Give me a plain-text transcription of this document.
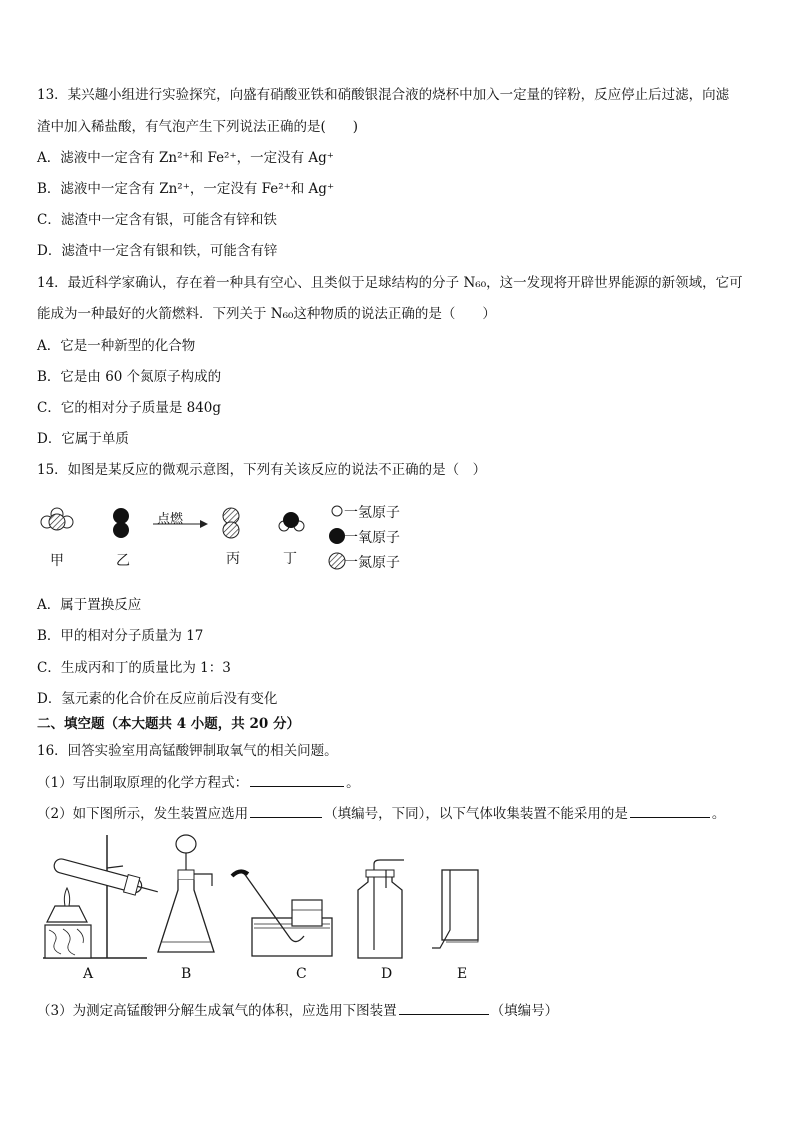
13．某兴趣小组进行实验探究，向盛有硝酸亚铁和硝酸银混合液的烧杯中加入一定量的锌粉，反应停止后过滤，向滤
渣中加入稀盐酸，有气泡产生下列说法正确的是(　　)
A．滤液中一定含有 Zn²⁺和 Fe²⁺，一定没有 Ag⁺
B．滤液中一定含有 Zn²⁺，一定没有 Fe²⁺和 Ag⁺
C．滤渣中一定含有银，可能含有锌和铁
D．滤渣中一定含有银和铁，可能含有锌
14．最近科学家确认，存在着一种具有空心、且类似于足球结构的分子 N₆₀，这一发现将开辟世界能源的新领域，它可
能成为一种最好的火箭燃料．下列关于 N₆₀这种物质的说法正确的是（　　）
A．它是一种新型的化合物
B．它是由 60 个氮原子构成的
C．它的相对分子质量是 840g
D．它属于单质
15．如图是某反应的微观示意图，下列有关该反应的说法不正确的是（　）
点燃
甲	乙	丙	丁
一氢原子
一氧原子
一氮原子
A．属于置换反应
B．甲的相对分子质量为 17
C．生成丙和丁的质量比为 1：3
D．氢元素的化合价在反应前后没有变化
二、填空题（本大题共 4 小题，共 20 分）
16．回答实验室用高锰酸钾制取氧气的相关问题。
（1）写出制取原理的化学方程式：	。
（2）如下图所示，发生装置应选用	（填编号，下同），以下气体收集装置不能采用的是	。
A	B	C	D	E
（3）为测定高锰酸钾分解生成氧气的体积，应选用下图装置	（填编号）
